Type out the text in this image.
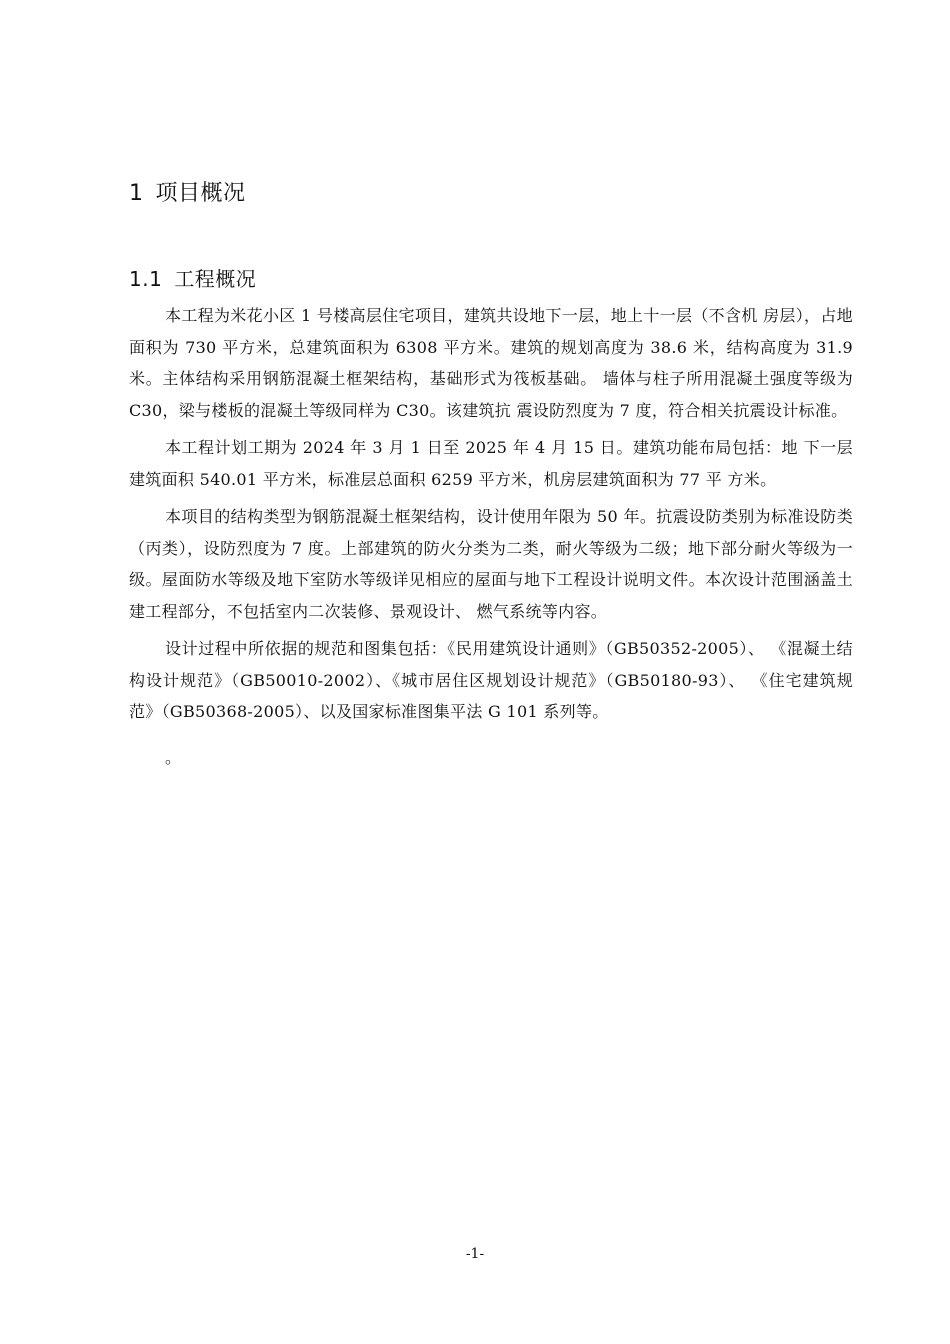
1 项目概况
1.1 工程概况

本工程为米花小区 1 号楼高层住宅项目，建筑共设地下一层，地上十一层（不含机 房层），占地面积为 730 平方米，总建筑面积为 6308 平方米。建筑的规划高度为 38.6 米，结构高度为 31.9 米。主体结构采用钢筋混凝土框架结构，基础形式为筏板基础。 墙体与柱子所用混凝土强度等级为 C30，梁与楼板的混凝土等级同样为 C30。该建筑抗 震设防烈度为 7 度，符合相关抗震设计标准。

本工程计划工期为 2024 年 3 月 1 日至 2025 年 4 月 15 日。建筑功能布局包括：地 下一层建筑面积 540.01 平方米，标准层总面积 6259 平方米，机房层建筑面积为 77 平 方米。

本项目的结构类型为钢筋混凝土框架结构，设计使用年限为 50 年。抗震设防类别为标准设防类（丙类），设防烈度为 7 度。上部建筑的防火分类为二类，耐火等级为二级；地下部分耐火等级为一级。屋面防水等级及地下室防水等级详见相应的屋面与地下工程设计说明文件。本次设计范围涵盖土建工程部分，不包括室内二次装修、景观设计、 燃气系统等内容。

设计过程中所依据的规范和图集包括：《民用建筑设计通则》（GB50352-2005）、 《混凝土结构设计规范》（GB50010-2002）、《城市居住区规划设计规范》（GB50180-93）、 《住宅建筑规范》（GB50368-2005）、以及国家标准图集平法 G 101 系列等。

。
-1-
